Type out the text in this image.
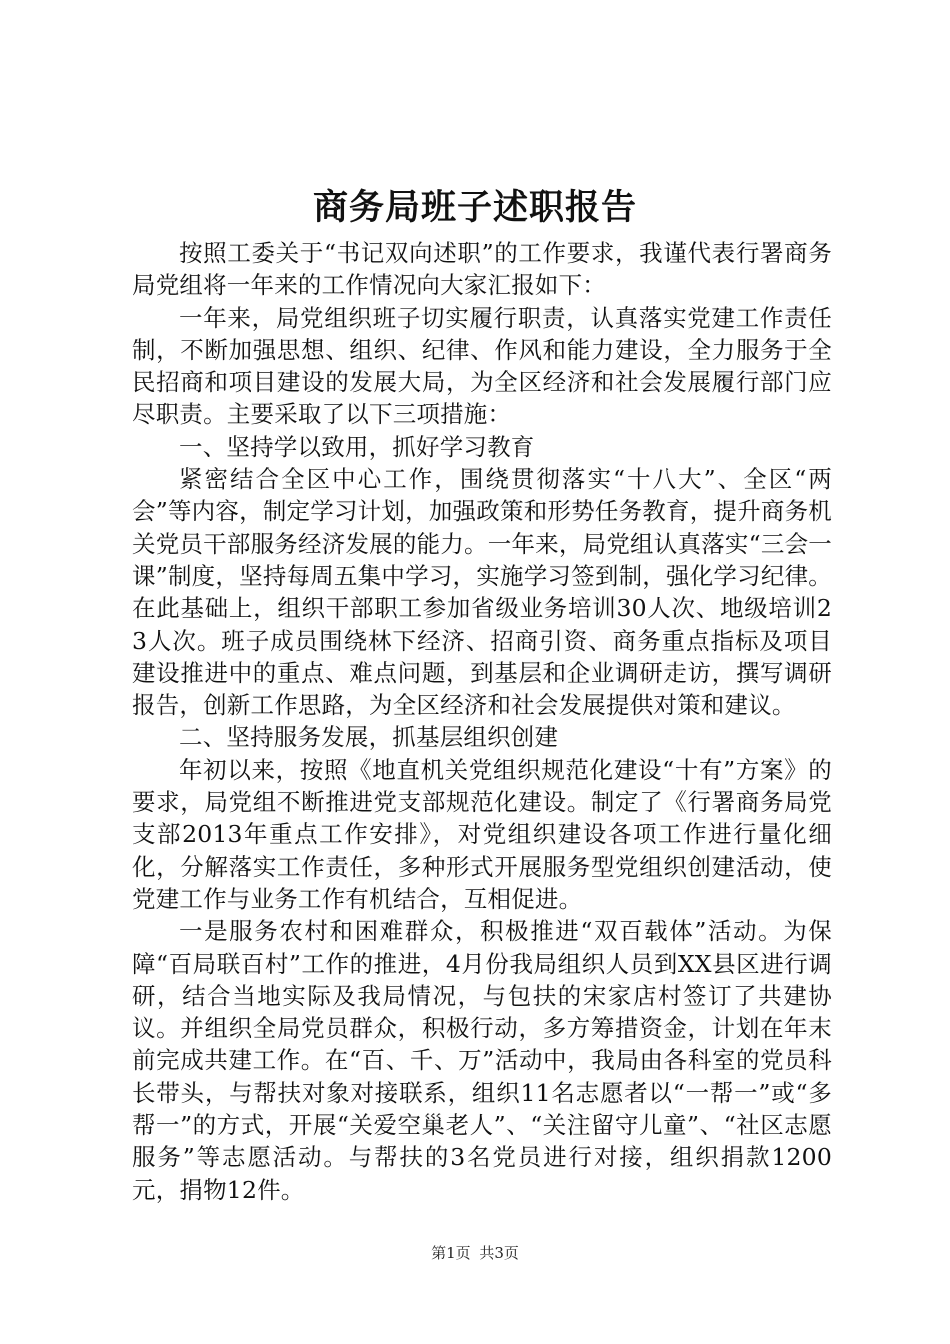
商务局班子述职报告

按照工委关于“书记双向述职”的工作要求，我谨代表行署商务局党组将一年来的工作情况向大家汇报如下：

一年来，局党组织班子切实履行职责，认真落实党建工作责任制，不断加强思想、组织、纪律、作风和能力建设，全力服务于全民招商和项目建设的发展大局，为全区经济和社会发展履行部门应尽职责。主要采取了以下三项措施：

一、坚持学以致用，抓好学习教育

紧密结合全区中心工作，围绕贯彻落实“十八大”、全区“两会”等内容，制定学习计划，加强政策和形势任务教育，提升商务机关党员干部服务经济发展的能力。一年来，局党组认真落实“三会一课”制度，坚持每周五集中学习，实施学习签到制，强化学习纪律。在此基础上，组织干部职工参加省级业务培训30人次、地级培训23人次。班子成员围绕林下经济、招商引资、商务重点指标及项目建设推进中的重点、难点问题，到基层和企业调研走访，撰写调研报告，创新工作思路，为全区经济和社会发展提供对策和建议。

二、坚持服务发展，抓基层组织创建

年初以来，按照《地直机关党组织规范化建设“十有”方案》的要求，局党组不断推进党支部规范化建设。制定了《行署商务局党支部2013年重点工作安排》，对党组织建设各项工作进行量化细化，分解落实工作责任，多种形式开展服务型党组织创建活动，使党建工作与业务工作有机结合，互相促进。

一是服务农村和困难群众，积极推进“双百载体”活动。为保障“百局联百村”工作的推进，4月份我局组织人员到XX县区进行调研，结合当地实际及我局情况，与包扶的宋家店村签订了共建协议。并组织全局党员群众，积极行动，多方筹措资金，计划在年末前完成共建工作。在“百、千、万”活动中，我局由各科室的党员科长带头，与帮扶对象对接联系，组织11名志愿者以“一帮一”或“多帮一”的方式，开展“关爱空巢老人”、“关注留守儿童”、“社区志愿服务”等志愿活动。与帮扶的3名党员进行对接，组织捐款1200元，捐物12件。

第1页 共3页
